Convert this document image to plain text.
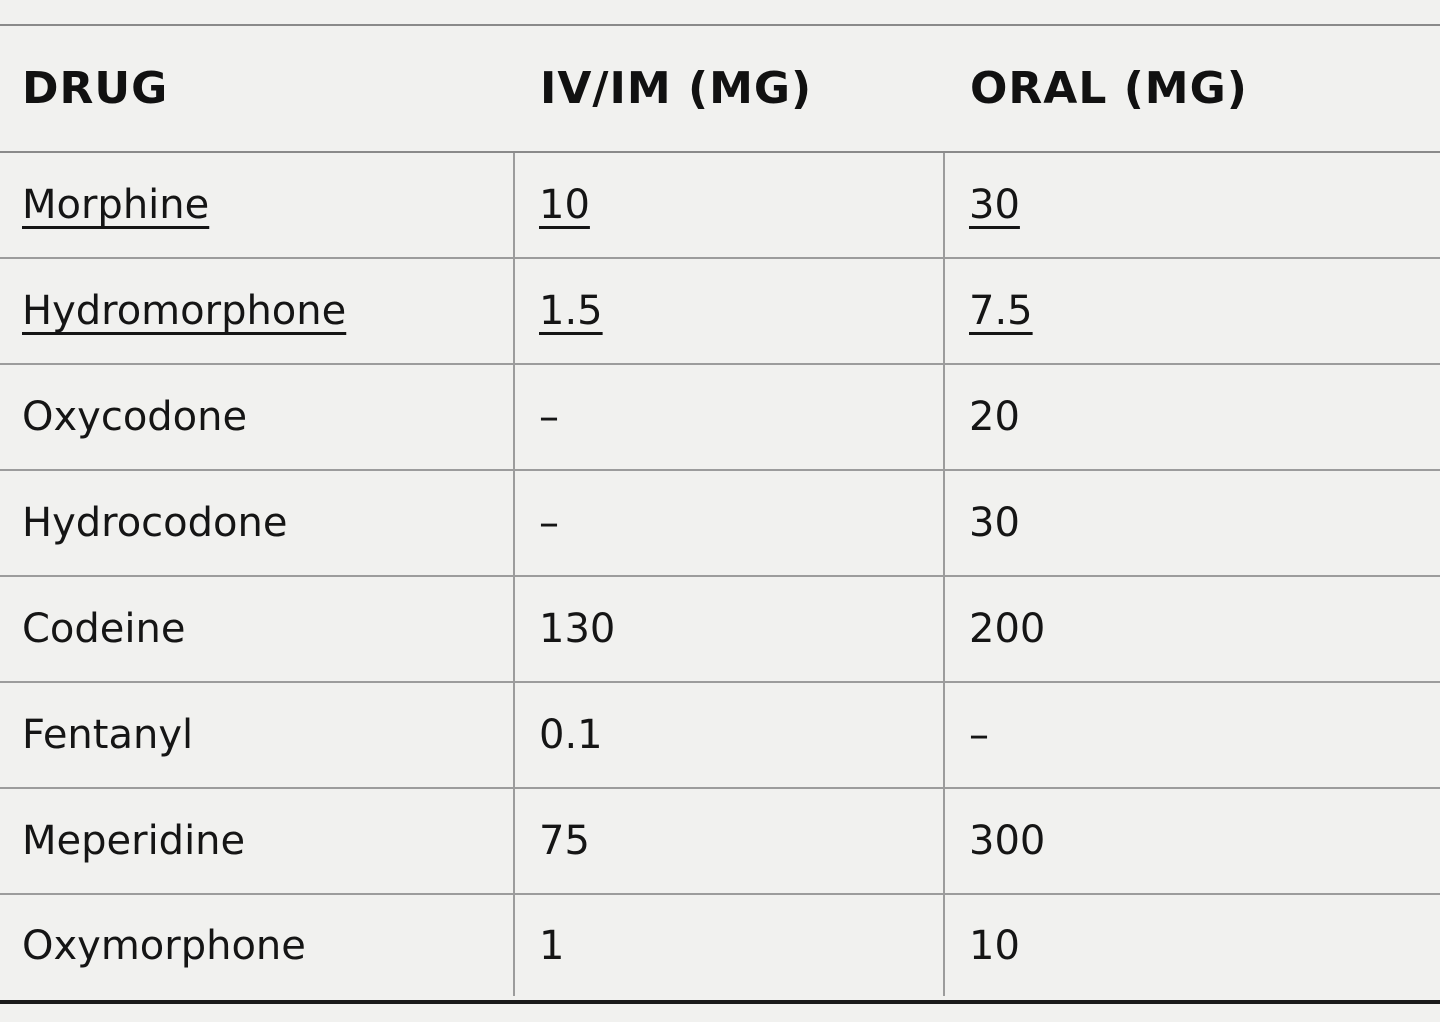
DRUG	IV/IM (MG)	ORAL (MG)
Morphine	10	30
Hydromorphone	1.5	7.5
Oxycodone	–	20
Hydrocodone	–	30
Codeine	130	200
Fentanyl	0.1	–
Meperidine	75	300
Oxymorphone	1	10
